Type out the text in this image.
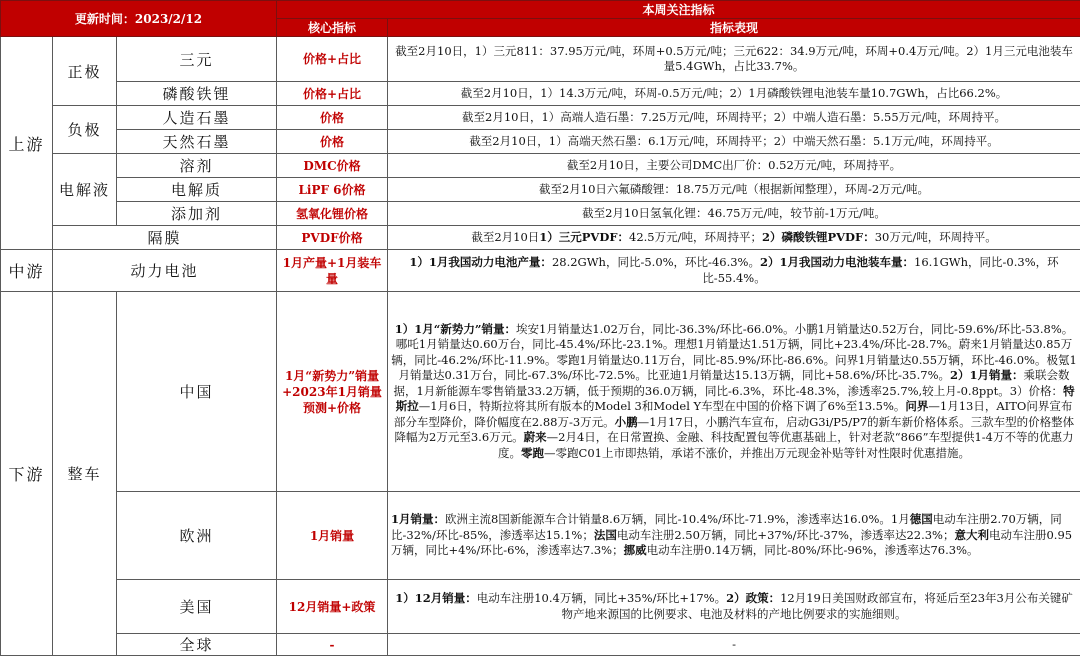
更新时间：2023/2/12			本周关注指标	
			核心指标	指标表现
上游	正极	三元	价格+占比	截至2月10日，1）三元811：37.95万元/吨，环周+0.5万元/吨；三元622：34.9万元/吨，环周+0.4万元/吨。2）1月三元电池装车量5.4GWh，占比33.7%。
		磷酸铁锂	价格+占比	截至2月10日，1）14.3万元/吨，环周-0.5万元/吨；2）1月磷酸铁锂电池装车量10.7GWh，占比66.2%。
	负极	人造石墨	价格	截至2月10日，1）高端人造石墨：7.25万元/吨，环周持平；2）中端人造石墨：5.55万元/吨，环周持平。
		天然石墨	价格	截至2月10日，1）高端天然石墨：6.1万元/吨，环周持平；2）中端天然石墨：5.1万元/吨，环周持平。
	电解液	溶剂	DMC价格	截至2月10日，主要公司DMC出厂价：0.52万元/吨，环周持平。
		电解质	LiPF 6价格	截至2月10日六氟磷酸锂：18.75万元/吨（根据新闻整理），环周-2万元/吨。
		添加剂	氢氧化锂价格	截至2月10日氢氧化锂：46.75万元/吨，较节前-1万元/吨。
	隔膜		PVDF价格	截至2月10日1）三元PVDF：42.5万元/吨，环周持平；2）磷酸铁锂PVDF：30万元/吨，环周持平。
中游	动力电池		1月产量+1月装车量	1）1月我国动力电池产量：28.2GWh，同比-5.0%，环比-46.3%。2）1月我国动力电池装车量：16.1GWh，同比-0.3%，环比-55.4%。
下游	整车	中国	1月“新势力”销量+2023年1月销量预测+价格	1）1月“新势力”销量：埃安1月销量达1.02万台，同比-36.3%/环比-66.0%。小鹏1月销量达0.52万台，同比-59.6%/环比-53.8%。哪吒1月销量达0.60万台，同比-45.4%/环比-23.1%。理想1月销量达1.51万辆，同比+23.4%/环比-28.7%。蔚来1月销量达0.85万辆，同比-46.2%/环比-11.9%。零跑1月销量达0.11万台，同比-85.9%/环比-86.6%。问界1月销量达0.55万辆，环比-46.0%。极氪1月销量达0.31万台，同比-67.3%/环比-72.5%。比亚迪1月销量达15.13万辆，同比+58.6%/环比-35.7%。2）1月销量：乘联会数据，1月新能源车零售销量33.2万辆，低于预期的36.0万辆，同比-6.3%，环比-48.3%，渗透率25.7%,较上月-0.8ppt。3）价格：特斯拉—1月6日，特斯拉将其所有版本的Model 3和Model Y车型在中国的价格下调了6%至13.5%。问界—1月13日，AITO问界宣布部分车型降价，降价幅度在2.88万-3万元。小鹏—1月17日，小鹏汽车宣布，启动G3i/P5/P7的新车新价格体系。三款车型的价格整体降幅为2万元至3.6万元。蔚来—2月4日，在日常置换、金融、科技配置包等优惠基础上，针对老款“866”车型提供1-4万不等的优惠力度。零跑—零跑C01上市即热销，承诺不涨价，并推出万元现金补贴等针对性限时优惠措施。
		欧洲	1月销量	1月销量：欧洲主流8国新能源车合计销量8.6万辆，同比-10.4%/环比-71.9%，渗透率达16.0%。1月德国电动车注册2.70万辆，同比-32%/环比-85%，渗透率达15.1%；法国电动车注册2.50万辆，同比+37%/环比-37%，渗透率达22.3%；意大利电动车注册0.95万辆，同比+4%/环比-6%，渗透率达7.3%；挪威电动车注册0.14万辆，同比-80%/环比-96%，渗透率达76.3%。
		美国	12月销量+政策	1）12月销量：电动车注册10.4万辆，同比+35%/环比+17%。2）政策：12月19日美国财政部宣布，将延后至23年3月公布关键矿物产地来源国的比例要求、电池及材料的产地比例要求的实施细则。
		全球	-	-
